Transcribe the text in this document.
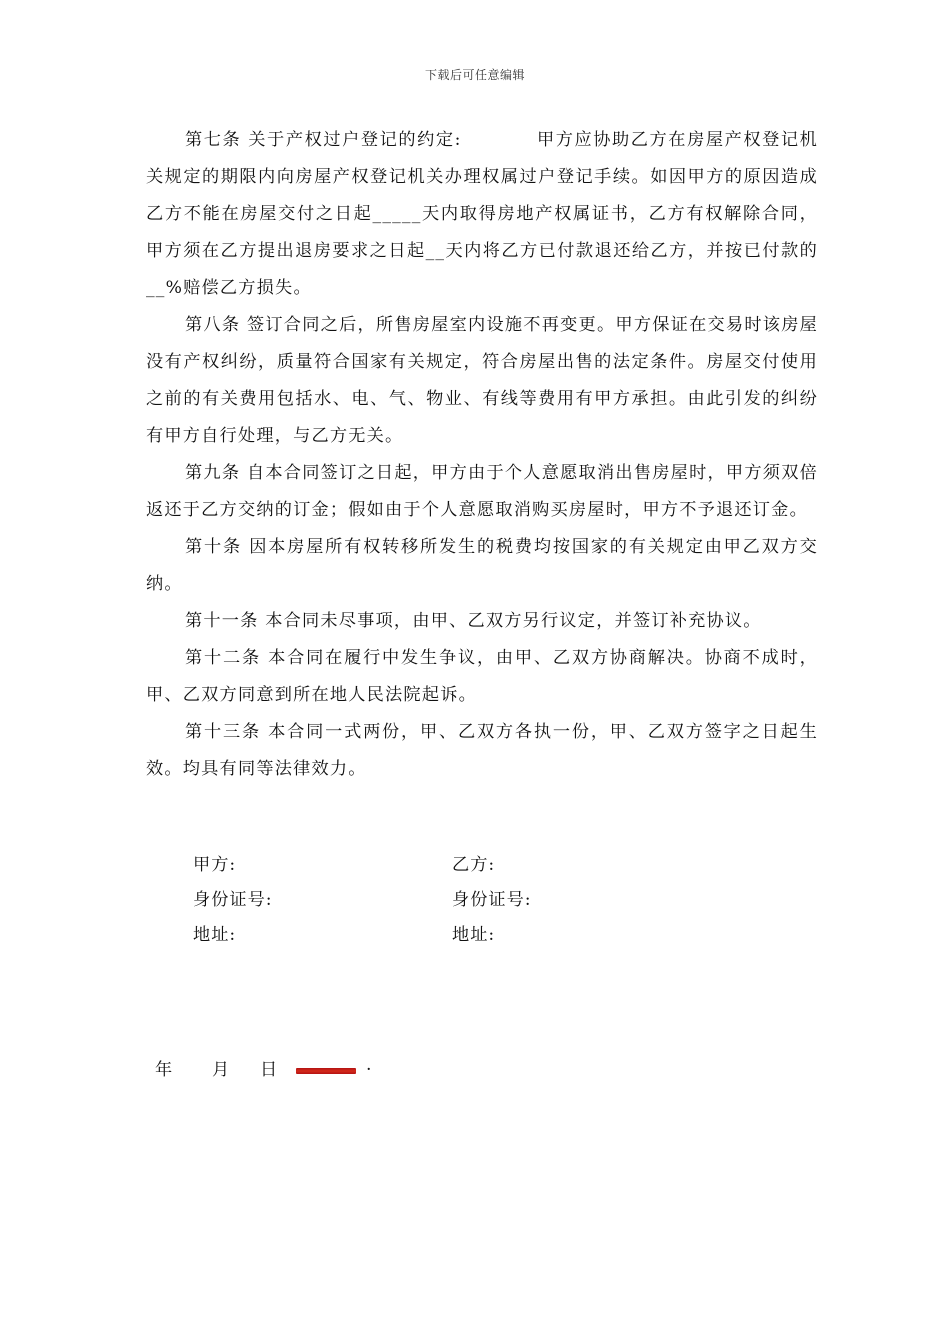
下载后可任意编辑

第七条 关于产权过户登记的约定:　　　　甲方应协助乙方在房屋产权登记机关规定的期限内向房屋产权登记机关办理权属过户登记手续。如因甲方的原因造成乙方不能在房屋交付之日起_____天内取得房地产权属证书，乙方有权解除合同，甲方须在乙方提出退房要求之日起__天内将乙方已付款退还给乙方，并按已付款的__%赔偿乙方损失。

第八条 签订合同之后，所售房屋室内设施不再变更。甲方保证在交易时该房屋没有产权纠纷，质量符合国家有关规定，符合房屋出售的法定条件。房屋交付使用之前的有关费用包括水、电、气、物业、有线等费用有甲方承担。由此引发的纠纷有甲方自行处理，与乙方无关。

第九条 自本合同签订之日起，甲方由于个人意愿取消出售房屋时，甲方须双倍返还于乙方交纳的订金；假如由于个人意愿取消购买房屋时，甲方不予退还订金。

第十条 因本房屋所有权转移所发生的税费均按国家的有关规定由甲乙双方交纳。

第十一条 本合同未尽事项，由甲、乙双方另行议定，并签订补充协议。

第十二条 本合同在履行中发生争议，由甲、乙双方协商解决。协商不成时，甲、乙双方同意到所在地人民法院起诉。

第十三条 本合同一式两份，甲、乙双方各执一份，甲、乙双方签字之日起生效。均具有同等法律效力。

甲方:	乙方:
身份证号:	身份证号:
地址:	地址:
年 月 日	.
